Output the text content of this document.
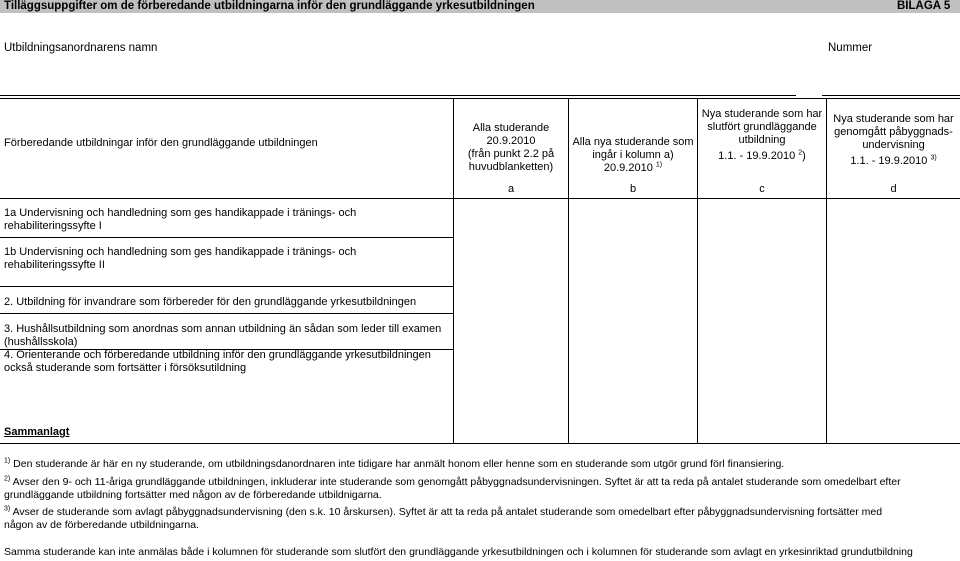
Tilläggsuppgifter om de förberedande utbildningarna inför den grundläggande yrkesutbildningen	BILAGA 5
Utbildningsanordnarens namn	Nummer
Förberedande utbildningar inför den grundläggande utbildningen
Alla studerande
20.9.2010
(från punkt 2.2 på
huvudblanketten)
a
Alla nya studerande som
ingår i kolumn a)
20.9.2010 $^{1)}$
b
Nya studerande som har
slutfört grundläggande
utbildning
1.1. - 19.9.2010 $^2$)
c
Nya studerande som har
genomgått påbyggnads-
undervisning
1.1. - 19.9.2010 $^{3)}$
d
1a Undervisning och handledning som ges handikappade i tränings- och
rehabiliteringssyfte I
1b Undervisning och handledning som ges handikappade i tränings- och
rehabiliteringssyfte II
2. Utbildning för invandrare som förbereder för den grundläggande yrkesutbildningen
3. Hushållsutbildning som anordnas som annan utbildning än sådan som leder till examen
(hushållsskola)
4. Orienterande och förberedande utbildning inför den grundläggande yrkesutbildningen
också studerande som fortsätter i försöksutildning
Sammanlagt
$^{1)}$ Den studerande är här en ny studerande, om utbildningsdanordnaren inte tidigare har anmält honom eller henne som en studerande som utgör grund förl finansiering.
$^{2)}$ Avser den 9- och 11-åriga grundläggande utbildningen, inkluderar inte studerande som genomgått påbyggnadsundervisningen. Syftet är att ta reda på antalet studerande som omedelbart efter
grundläggande utbildning fortsätter med någon av de förberedande utbildnigarna.
$^{3)}$ Avser de studerande som avlagt påbyggnadsundervisning (den s.k. 10 årskursen). Syftet är att ta reda på antalet studerande som omedelbart efter påbyggnadsundervisning fortsätter med
någon av de förberedande utbildningarna.
Samma studerande kan inte anmälas både i kolumnen för studerande som slutfört den grundläggande yrkesutbildningen och i kolumnen för studerande som avlagt en yrkesinriktad grundutbildning
